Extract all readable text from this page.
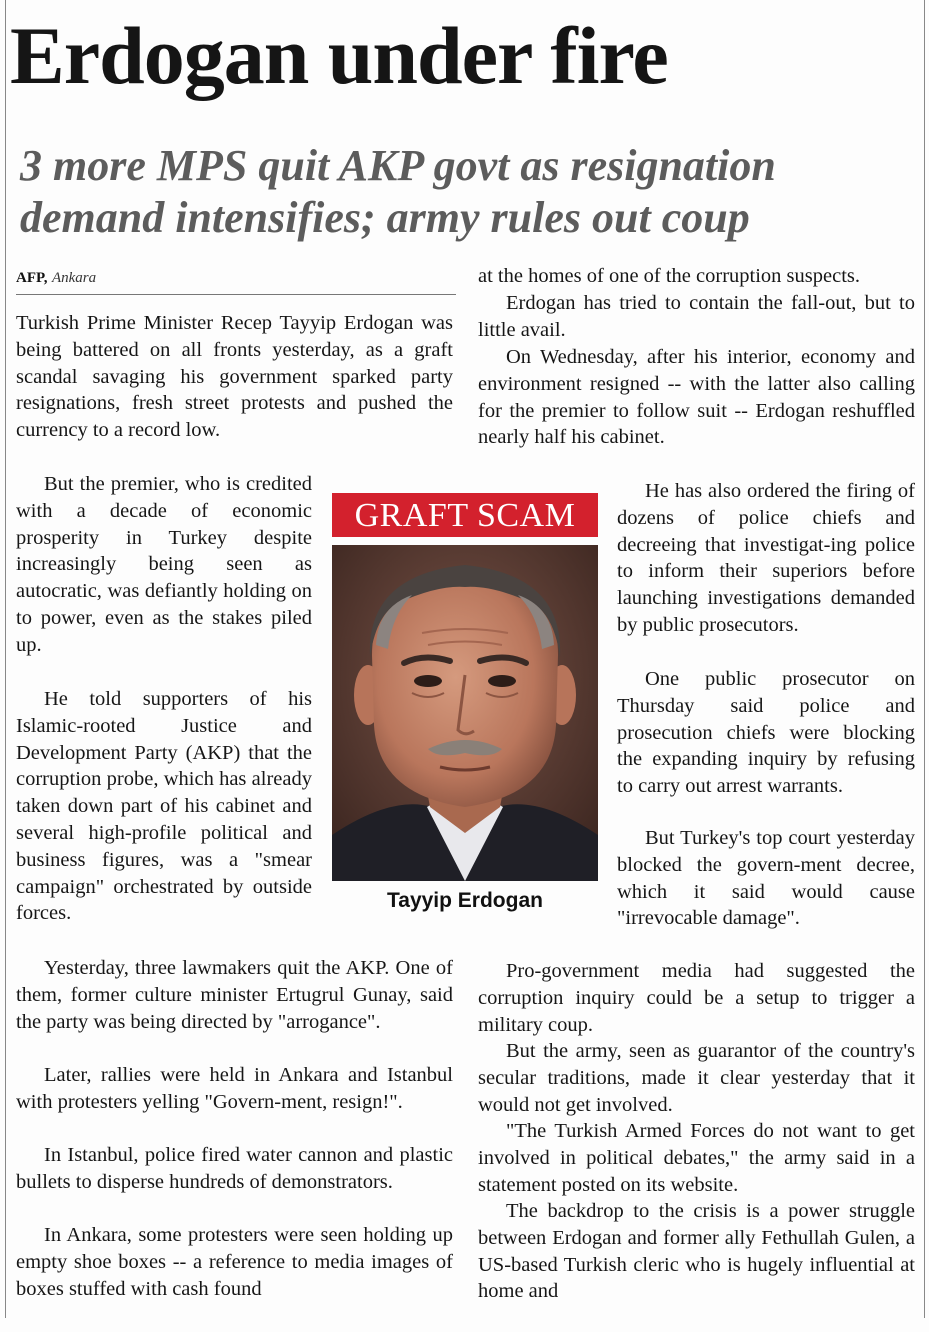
Erdogan under fire
3 more MPS quit AKP govt as resignation demand intensifies; army rules out coup
AFP, Ankara

Turkish Prime Minister Recep Tayyip Erdogan was being battered on all fronts yesterday, as a graft scandal savaging his government sparked party resignations, fresh street protests and pushed the currency to a record low.

But the premier, who is credited with a decade of economic prosperity in Turkey despite increasingly being seen as autocratic, was defiantly holding on to power, even as the stakes piled up.

He told supporters of his Islamic-rooted Justice and Development Party (AKP) that the corruption probe, which has already taken down part of his cabinet and several high-profile political and business figures, was a "smear campaign" orchestrated by outside forces.

Yesterday, three lawmakers quit the AKP. One of them, former culture minister Ertugrul Gunay, said the party was being directed by "arrogance".

Later, rallies were held in Ankara and Istanbul with protesters yelling "Govern-ment, resign!".

In Istanbul, police fired water cannon and plastic bullets to disperse hundreds of demonstrators.

In Ankara, some protesters were seen holding up empty shoe boxes -- a reference to media images of boxes stuffed with cash found

at the homes of one of the corruption suspects.

Erdogan has tried to contain the fall-out, but to little avail.

On Wednesday, after his interior, economy and environment resigned -- with the latter also calling for the premier to follow suit -- Erdogan reshuffled nearly half his cabinet.

He has also ordered the firing of dozens of police chiefs and decreeing that investigat-ing police to inform their superiors before launching investigations demanded by public prosecutors.

One public prosecutor on Thursday said police and prosecution chiefs were blocking the expanding inquiry by refusing to carry out arrest warrants.

But Turkey's top court yesterday blocked the govern-ment decree, which it said would cause "irrevocable damage".

Pro-government media had suggested the corruption inquiry could be a setup to trigger a military coup.

But the army, seen as guarantor of the country's secular traditions, made it clear yesterday that it would not get involved.

"The Turkish Armed Forces do not want to get involved in political debates," the army said in a statement posted on its website.

The backdrop to the crisis is a power struggle between Erdogan and former ally Fethullah Gulen, a US-based Turkish cleric who is hugely influential at home and

GRAFT SCAM
Tayyip Erdogan
